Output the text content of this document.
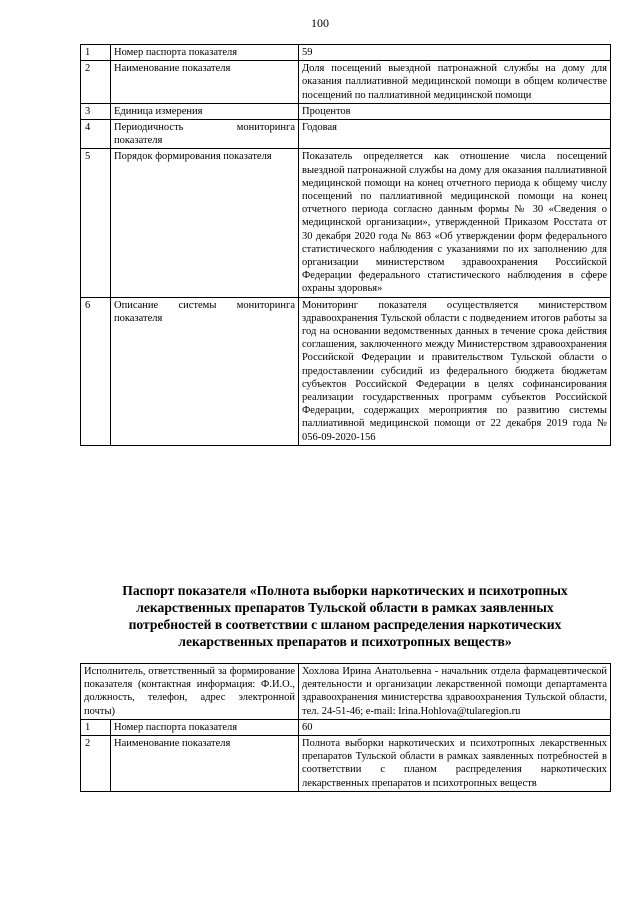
100
1	Номер паспорта показателя	59
2	Наименование показателя	Доля посещений выездной патронажной службы на дому для оказания паллиативной медицинской помощи в общем количестве посещений по паллиативной медицинской помощи
3	Единица измерения	Процентов
4	Периодичность мониторинга показателя	Годовая
5	Порядок формирования показателя	Показатель определяется как отношение числа посещений выездной патронажной службы на дому для оказания паллиативной медицинской помощи на конец отчетного периода к общему числу посещений по паллиативной медицинской помощи на конец отчетного периода согласно данным формы № 30 «Сведения о медицинской организации», утвержденной Приказом Росстата от 30 декабря 2020 года № 863 «Об утверждении форм федерального статистического наблюдения с указаниями по их заполнению для организации министерством здравоохранения Российской Федерации федерального статистического наблюдения в сфере охраны здоровья»
6	Описание системы мониторинга показателя	Мониторинг показателя осуществляется министерством здравоохранения Тульской области с подведением итогов работы за год на основании ведомственных данных в течение срока действия соглашения, заключенного между Министерством здравоохранения Российской Федерации и правительством Тульской области о предоставлении субсидий из федерального бюджета бюджетам субъектов Российской Федерации в целях софинансирования реализации государственных программ субъектов Российской Федерации, содержащих мероприятия по развитию системы паллиативной медицинской помощи от 22 декабря 2019 года № 056-09-2020-156
Паспорт показателя «Полнота выборки наркотических и психотропных
лекарственных препаратов Тульской области в рамках заявленных
потребностей в соответствии с шланом распределения наркотических
лекарственных препаратов и психотропных веществ»
Исполнитель, ответственный за формирование показателя (контактная информация: Ф.И.О., должность, телефон, адрес электронной почты)		Хохлова Ирина Анатольевна - начальник отдела фармацевтической деятельности и организации лекарственной помощи департамента здравоохранения министерства здравоохранения Тульской области, тел. 24-51-46; e-mail: Irina.Hohlova@tularegion.ru
1	Номер паспорта показателя	60
2	Наименование показателя	Полнота выборки наркотических и психотропных лекарственных препаратов Тульской области в рамках заявленных потребностей в соответствии с планом распределения наркотических лекарственных препаратов и психотропных веществ
